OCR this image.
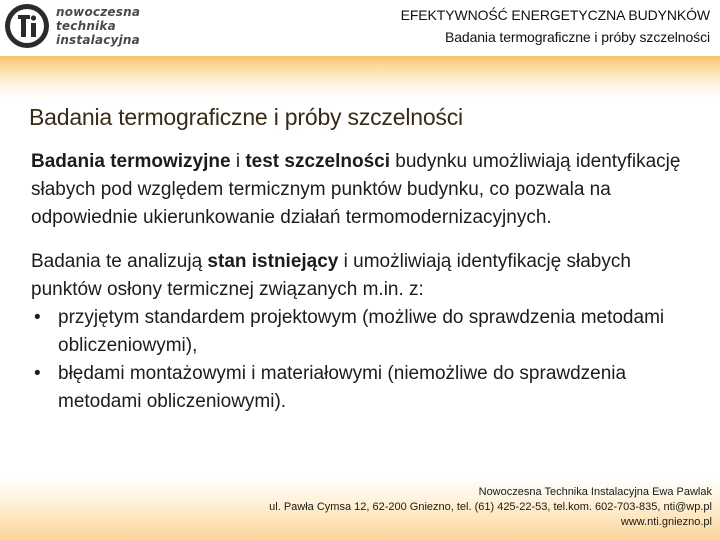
nowoczesna
technika
instalacyjna
EFEKTYWNOŚĆ ENERGETYCZNA BUDYNKÓW
Badania termograficzne i próby szczelności
Badania termograficzne i próby szczelności

Badania termowizyjne i test szczelności budynku umożliwiają identyfikację słabych pod względem termicznym punktów budynku, co pozwala na odpowiednie ukierunkowanie działań termomodernizacyjnych.

Badania te analizują stan istniejący i umożliwiają identyfikację słabych punktów osłony termicznej związanych m.in. z:
• przyjętym standardem projektowym (możliwe do sprawdzenia metodami obliczeniowymi),
• błędami montażowymi i materiałowymi (niemożliwe do sprawdzenia metodami obliczeniowymi).
Nowoczesna Technika Instalacyjna Ewa Pawlak
ul. Pawła Cymsa 12, 62-200 Gniezno, tel. (61) 425-22-53, tel.kom. 602-703-835, nti@wp.pl
www.nti.gniezno.pl
